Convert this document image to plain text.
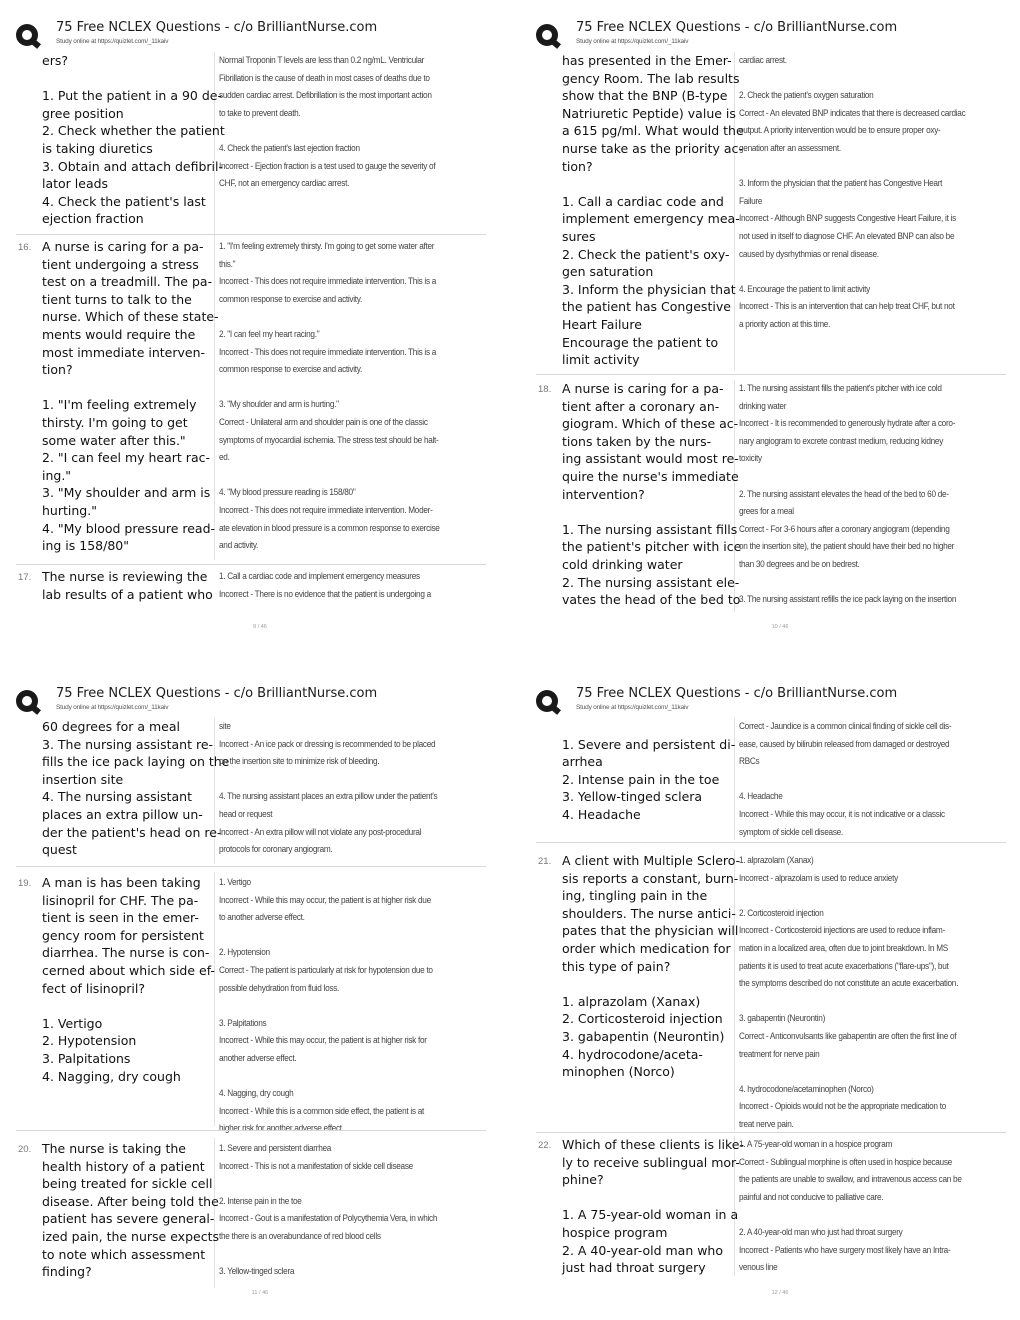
75 Free NCLEX Questions - c/o BrilliantNurse.com
Study online at https://quizlet.com/_11kaiv
ers?

1. Put the patient in a 90 de-
gree position
2. Check whether the patient
is taking diuretics
3. Obtain and attach defibril-
lator leads
4. Check the patient's last
ejection fraction
Normal Troponin T levels are less than 0.2 ng/mL. Ventricular
Fibrillation is the cause of death in most cases of deaths due to
sudden cardiac arrest. Defibrillation is the most important action
to take to prevent death.

4. Check the patient's last ejection fraction
Incorrect - Ejection fraction is a test used to gauge the severity of
CHF, not an emergency cardiac arrest.
16. A nurse is caring for a pa-
tient undergoing a stress
test on a treadmill. The pa-
tient turns to talk to the
nurse. Which of these state-
ments would require the
most immediate interven-
tion?

1. "I'm feeling extremely
thirsty. I'm going to get
some water after this."
2. "I can feel my heart rac-
ing."
3. "My shoulder and arm is
hurting."
4. "My blood pressure read-
ing is 158/80"
1. "I'm feeling extremely thirsty. I'm going to get some water after
this."
Incorrect - This does not require immediate intervention. This is a
common response to exercise and activity.

2. "I can feel my heart racing."
Incorrect - This does not require immediate intervention. This is a
common response to exercise and activity.

3. "My shoulder and arm is hurting."
Correct - Unilateral arm and shoulder pain is one of the classic
symptoms of myocardial ischemia. The stress test should be halt-
ed.

4. "My blood pressure reading is 158/80"
Incorrect - This does not require immediate intervention. Moder-
ate elevation in blood pressure is a common response to exercise
and activity.
17. The nurse is reviewing the
lab results of a patient who
1. Call a cardiac code and implement emergency measures
Incorrect - There is no evidence that the patient is undergoing a
9 / 46
75 Free NCLEX Questions - c/o BrilliantNurse.com
Study online at https://quizlet.com/_11kaiv
has presented in the Emer-
gency Room. The lab results
show that the BNP (B-type
Natriuretic Peptide) value is
a 615 pg/ml. What would the
nurse take as the priority ac-
tion?

1. Call a cardiac code and
implement emergency mea-
sures
2. Check the patient's oxy-
gen saturation
3. Inform the physician that
the patient has Congestive
Heart Failure
Encourage the patient to
limit activity
cardiac arrest.

2. Check the patient's oxygen saturation
Correct - An elevated BNP indicates that there is decreased cardiac
output. A priority intervention would be to ensure proper oxy-
genation after an assessment.

3. Inform the physician that the patient has Congestive Heart
Failure
Incorrect - Although BNP suggests Congestive Heart Failure, it is
not used in itself to diagnose CHF. An elevated BNP can also be
caused by dysrhythmias or renal disease.

4. Encourage the patient to limit activity
Incorrect - This is an intervention that can help treat CHF, but not
a priority action at this time.
18. A nurse is caring for a pa-
tient after a coronary an-
giogram. Which of these ac-
tions taken by the nurs-
ing assistant would most re-
quire the nurse's immediate
intervention?

1. The nursing assistant fills
the patient's pitcher with ice
cold drinking water
2. The nursing assistant ele-
vates the head of the bed to
1. The nursing assistant fills the patient's pitcher with ice cold
drinking water
Incorrect - It is recommended to generously hydrate after a coro-
nary angiogram to excrete contrast medium, reducing kidney
toxicity

2. The nursing assistant elevates the head of the bed to 60 de-
grees for a meal
Correct - For 3-6 hours after a coronary angiogram (depending
on the insertion site), the patient should have their bed no higher
than 30 degrees and be on bedrest.

3. The nursing assistant refills the ice pack laying on the insertion
10 / 46
75 Free NCLEX Questions - c/o BrilliantNurse.com
Study online at https://quizlet.com/_11kaiv
60 degrees for a meal
3. The nursing assistant re-
fills the ice pack laying on the
insertion site
4. The nursing assistant
places an extra pillow un-
der the patient's head on re-
quest
site
Incorrect - An ice pack or dressing is recommended to be placed
on the insertion site to minimize risk of bleeding.

4. The nursing assistant places an extra pillow under the patient's
head or request
Incorrect - An extra pillow will not violate any post-procedural
protocols for coronary angiogram.
19. A man is has been taking
lisinopril for CHF. The pa-
tient is seen in the emer-
gency room for persistent
diarrhea. The nurse is con-
cerned about which side ef-
fect of lisinopril?

1. Vertigo
2. Hypotension
3. Palpitations
4. Nagging, dry cough
1. Vertigo
Incorrect - While this may occur, the patient is at higher risk due
to another adverse effect.

2. Hypotension
Correct - The patient is particularly at risk for hypotension due to
possible dehydration from fluid loss.

3. Palpitations
Incorrect - While this may occur, the patient is at higher risk for
another adverse effect.

4. Nagging, dry cough
Incorrect - While this is a common side effect, the patient is at
higher risk for another adverse effect.
20. The nurse is taking the
health history of a patient
being treated for sickle cell
disease. After being told the
patient has severe general-
ized pain, the nurse expects
to note which assessment
finding?
1. Severe and persistent diarrhea
Incorrect - This is not a manifestation of sickle cell disease

2. Intense pain in the toe
Incorrect - Gout is a manifestation of Polycythemia Vera, in which
the there is an overabundance of red blood cells

3. Yellow-tinged sclera
11 / 46
75 Free NCLEX Questions - c/o BrilliantNurse.com
Study online at https://quizlet.com/_11kaiv

1. Severe and persistent di-
arrhea
2. Intense pain in the toe
3. Yellow-tinged sclera
4. Headache
Correct - Jaundice is a common clinical finding of sickle cell dis-
ease, caused by bilirubin released from damaged or destroyed
RBCs

4. Headache
Incorrect - While this may occur, it is not indicative or a classic
symptom of sickle cell disease.
21. A client with Multiple Sclero-
sis reports a constant, burn-
ing, tingling pain in the
shoulders. The nurse antici-
pates that the physician will
order which medication for
this type of pain?

1. alprazolam (Xanax)
2. Corticosteroid injection
3. gabapentin (Neurontin)
4. hydrocodone/aceta-
minophen (Norco)
1. alprazolam (Xanax)
Incorrect - alprazolam is used to reduce anxiety

2. Corticosteroid injection
Incorrect - Corticosteroid injections are used to reduce inflam-
mation in a localized area, often due to joint breakdown. In MS
patients it is used to treat acute exacerbations ("flare-ups"), but
the symptoms described do not constitute an acute exacerbation.

3. gabapentin (Neurontin)
Correct - Anticonvulsants like gabapentin are often the first line of
treatment for nerve pain

4. hydrocodone/acetaminophen (Norco)
Incorrect - Opioids would not be the appropriate medication to
treat nerve pain.
22. Which of these clients is like-
ly to receive sublingual mor-
phine?

1. A 75-year-old woman in a
hospice program
2. A 40-year-old man who
just had throat surgery
1. A 75-year-old woman in a hospice program
Correct - Sublingual morphine is often used in hospice because
the patients are unable to swallow, and intravenous access can be
painful and not conducive to palliative care.

2. A 40-year-old man who just had throat surgery
Incorrect - Patients who have surgery most likely have an Intra-
venous line
12 / 46
